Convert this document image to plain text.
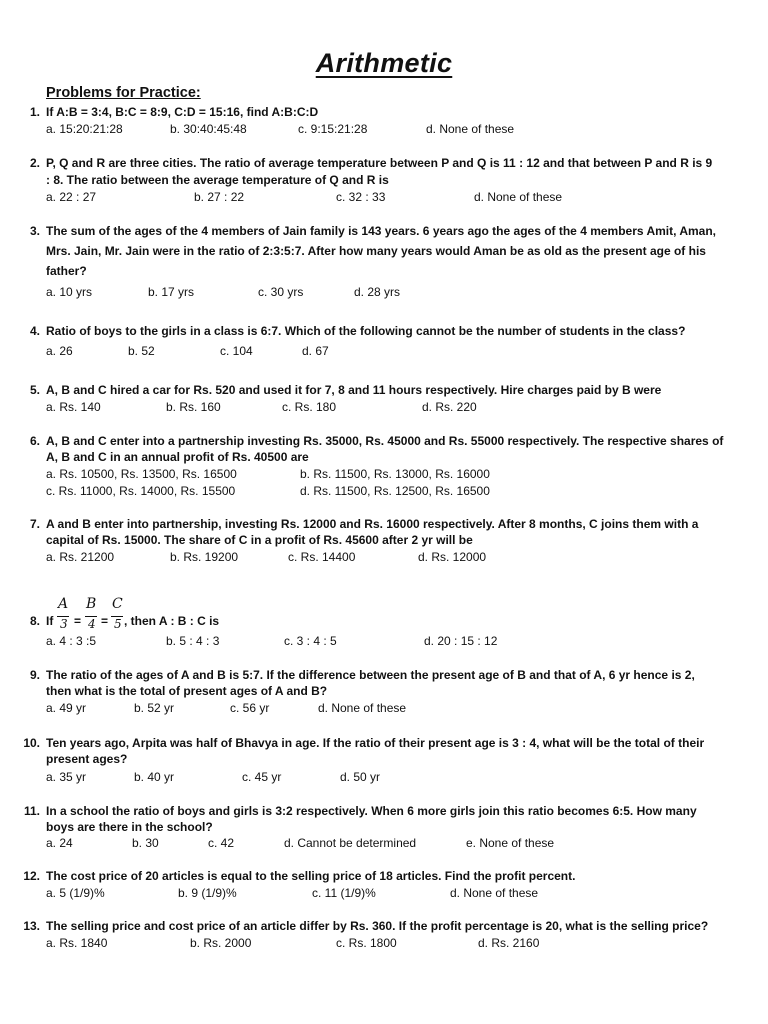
Arithmetic
Problems for Practice:
1. If A:B = 3:4, B:C = 8:9, C:D = 15:16, find A:B:C:D
a. 15:20:21:28	b. 30:40:45:48	c. 9:15:21:28	d. None of these
2. P, Q and R are three cities. The ratio of average temperature between P and Q is 11 : 12 and that between P and R is 9
: 8. The ratio between the average temperature of Q and R is
a. 22 : 27	b. 27 : 22	c. 32 : 33	d. None of these
3. The sum of the ages of the 4 members of Jain family is 143 years. 6 years ago the ages of the 4 members Amit, Aman,
Mrs. Jain, Mr. Jain were in the ratio of 2:3:5:7. After how many years would Aman be as old as the present age of his
father?
a. 10 yrs	b. 17 yrs	c. 30 yrs	d. 28 yrs
4. Ratio of boys to the girls in a class is 6:7. Which of the following cannot be the number of students in the class?
a. 26	b. 52	c. 104	d. 67
5. A, B and C hired a car for Rs. 520 and used it for 7, 8 and 11 hours respectively. Hire charges paid by B were
a. Rs. 140	b. Rs. 160	c. Rs. 180	d. Rs. 220
6. A, B and C enter into a partnership investing Rs. 35000, Rs. 45000 and Rs. 55000 respectively. The respective shares of
A, B and C in an annual profit of Rs. 40500 are
a. Rs. 10500, Rs. 13500, Rs. 16500	b. Rs. 11500, Rs. 13000, Rs. 16000
c. Rs. 11000, Rs. 14000, Rs. 15500	d. Rs. 11500, Rs. 12500, Rs. 16500
7. A and B enter into partnership, investing Rs. 12000 and Rs. 16000 respectively. After 8 months, C joins them with a
capital of Rs. 15000. The share of C in a profit of Rs. 45600 after 2 yr will be
a. Rs. 21200	b. Rs. 19200	c. Rs. 14400	d. Rs. 12000
8. If
A
3 =
B
4 =
C
5 , then A : B : C is
a. 4 : 3 :5	b. 5 : 4 : 3	c. 3 : 4 : 5	d. 20 : 15 : 12
9. The ratio of the ages of A and B is 5:7. If the difference between the present age of B and that of A, 6 yr hence is 2,
then what is the total of present ages of A and B?
a. 49 yr	b. 52 yr	c. 56 yr	d. None of these
10. Ten years ago, Arpita was half of Bhavya in age. If the ratio of their present age is 3 : 4, what will be the total of their
present ages?
a. 35 yr	b. 40 yr	c. 45 yr	d. 50 yr
11. In a school the ratio of boys and girls is 3:2 respectively. When 6 more girls join this ratio becomes 6:5. How many
boys are there in the school?
a. 24	b. 30	c. 42	d. Cannot be determined	e. None of these
12. The cost price of 20 articles is equal to the selling price of 18 articles. Find the profit percent.
a. 5 (1/9)%	b. 9 (1/9)%	c. 11 (1/9)%	d. None of these
13. The selling price and cost price of an article differ by Rs. 360. If the profit percentage is 20, what is the selling price?
a. Rs. 1840	b. Rs. 2000	c. Rs. 1800	d. Rs. 2160
